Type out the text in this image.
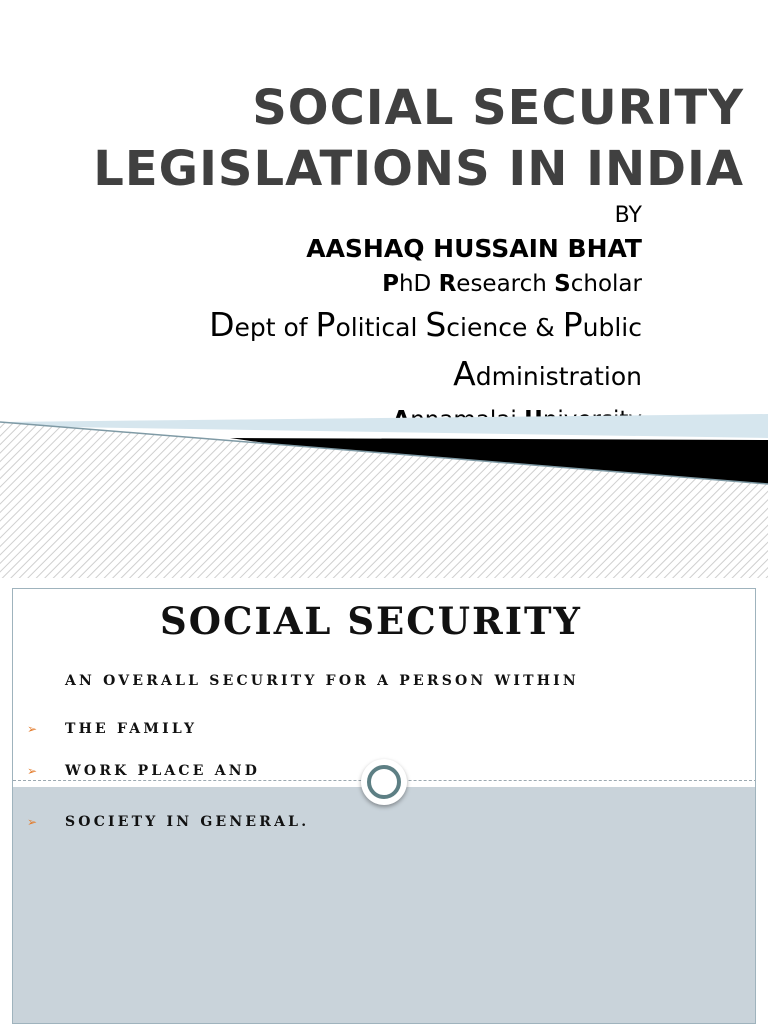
SOCIAL SECURITY
LEGISLATIONS IN INDIA
BY
AASHAQ HUSSAIN BHAT
PhD Research Scholar
Dept of Political Science & Public
Administration
SOCIAL SECURITY
AN OVERALL SECURITY FOR A PERSON WITHIN
➢ THE FAMILY
➢ WORK PLACE AND
➢ SOCIETY IN GENERAL.
